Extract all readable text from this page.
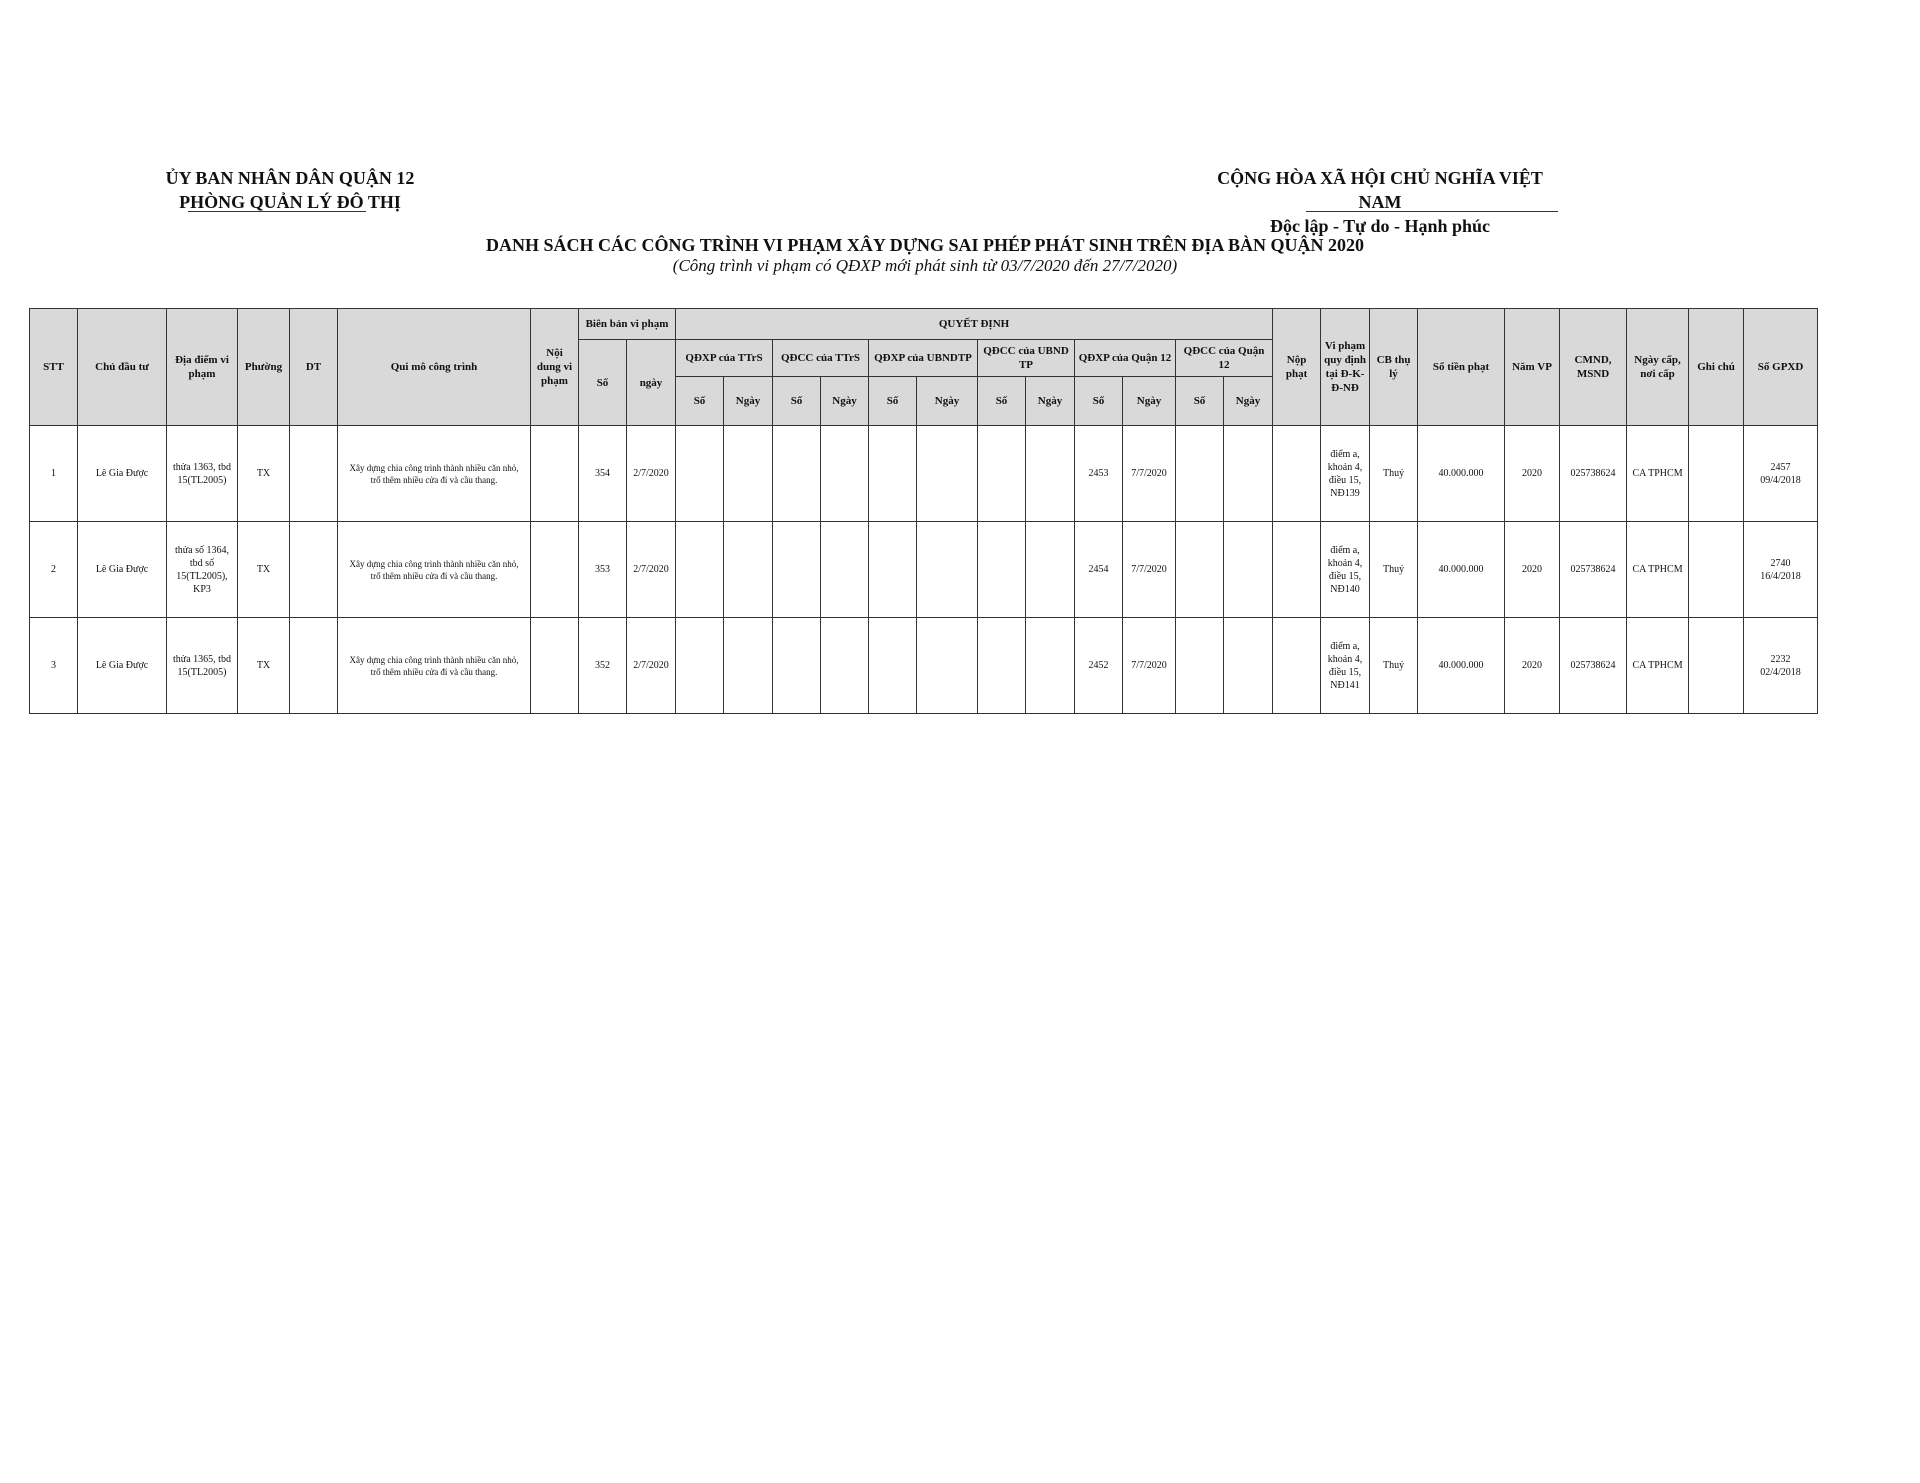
ỦY BAN NHÂN DÂN QUẬN 12
PHÒNG QUẢN LÝ ĐÔ THỊ
CỘNG HÒA XÃ HỘI CHỦ NGHĨA VIỆT NAM
Độc lập - Tự do - Hạnh phúc
DANH SÁCH CÁC CÔNG TRÌNH VI PHẠM XÂY DỰNG SAI PHÉP PHÁT SINH TRÊN ĐỊA BÀN QUẬN 2020
(Công trình vi phạm có QĐXP mới phát sinh từ 03/7/2020 đến 27/7/2020)
STT	Chủ đầu tư	Địa điểm vi phạm	Phường	DT	Qui mô công trình	Nội dung vi phạm	Biên bản vi phạm		QUYẾT ĐỊNH												Nộp phạt	Vi phạm quy định tại Đ-K-Đ-NĐ	CB thụ lý	Số tiền phạt	Năm VP	CMND, MSND	Ngày cấp, nơi cấp	Ghi chú	Số GPXD
							Số	ngày	QĐXP của TTrS		QĐCC của TTrS		QĐXP của UBNDTP		QĐCC của UBND TP		QĐXP của Quận 12		QĐCC của Quận 12										
									Số	Ngày	Số	Ngày	Số	Ngày	Số	Ngày	Số	Ngày	Số	Ngày									
1	Lê Gia Được	thửa 1363, tbd 15(TL2005)	TX		Xây dựng chia công trình thành nhiều căn nhỏ, trổ thêm nhiều cửa đi và cầu thang.		354	2/7/2020									2453	7/7/2020				điểm a, khoản 4, điều 15, NĐ139	Thuý	40.000.000	2020	025738624	CA TPHCM		2457
09/4/2018

2	Lê Gia Được	thửa số 1364, tbd số 15(TL2005), KP3	TX		Xây dựng chia công trình thành nhiều căn nhỏ, trổ thêm nhiều cửa đi và cầu thang.		353	2/7/2020									2454	7/7/2020				điểm a, khoản 4, điều 15, NĐ140	Thuý	40.000.000	2020	025738624	CA TPHCM		2740
16/4/2018

3	Lê Gia Được	thửa 1365, tbd 15(TL2005)	TX		Xây dựng chia công trình thành nhiều căn nhỏ, trổ thêm nhiều cửa đi và cầu thang.		352	2/7/2020									2452	7/7/2020				điểm a, khoản 4, điều 15, NĐ141	Thuý	40.000.000	2020	025738624	CA TPHCM		2232
02/4/2018
